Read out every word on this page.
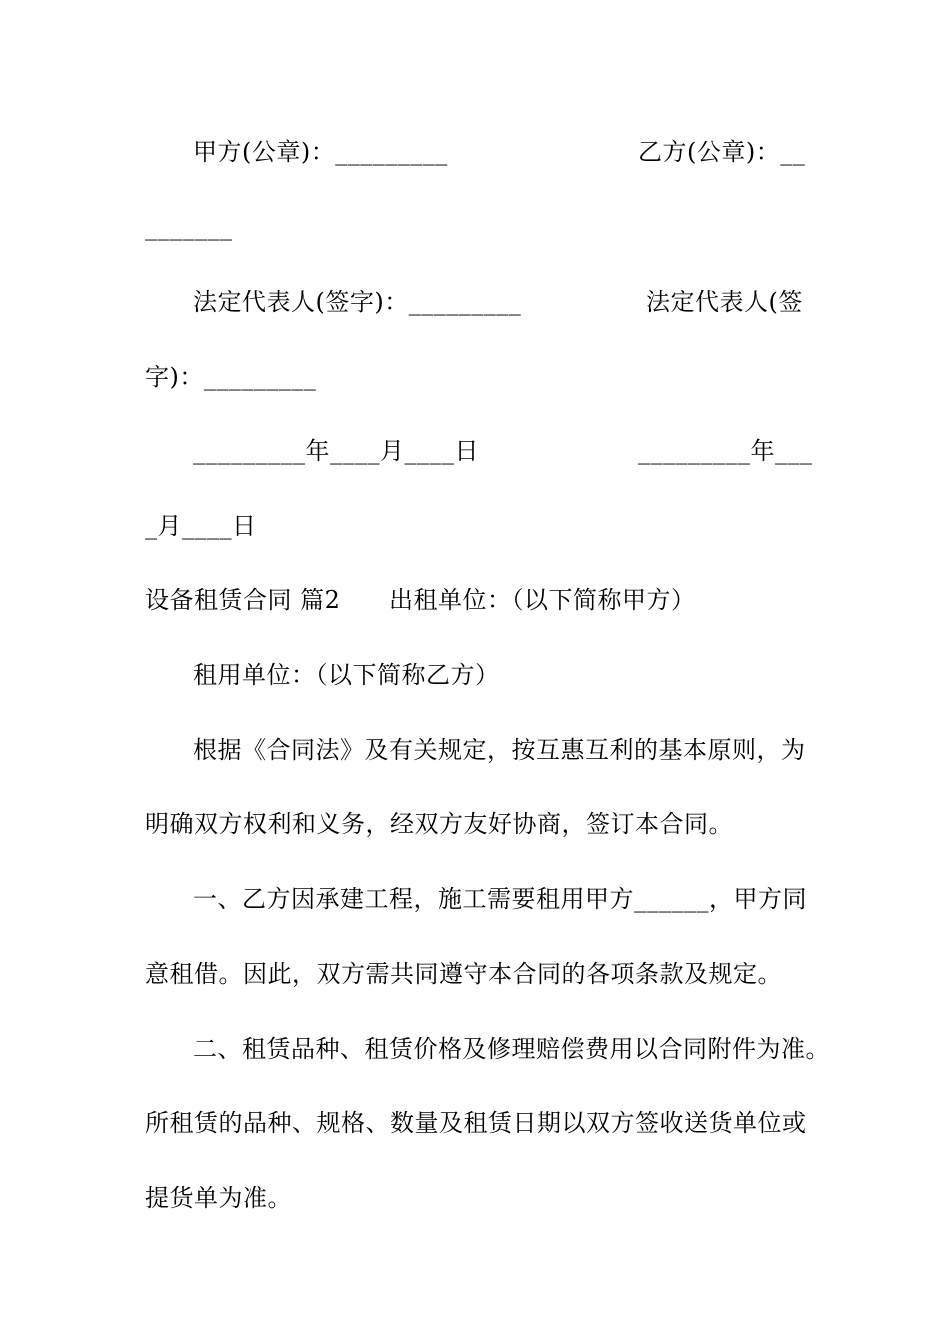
甲方(公章)：_________	乙方(公章)：__

_______

法定代表人(签字)：_________	法定代表人(签

字)：_________

_________年____月____日	_________年___

_月____日

设备租赁合同 篇2 出租单位：（以下简称甲方）

租用单位：（以下简称乙方）

根据《合同法》及有关规定，按互惠互利的基本原则，为

明确双方权利和义务，经双方友好协商，签订本合同。

一、乙方因承建工程，施工需要租用甲方______，甲方同

意租借。因此，双方需共同遵守本合同的各项条款及规定。

二、租赁品种、租赁价格及修理赔偿费用以合同附件为准。

所租赁的品种、规格、数量及租赁日期以双方签收送货单位或

提货单为准。
